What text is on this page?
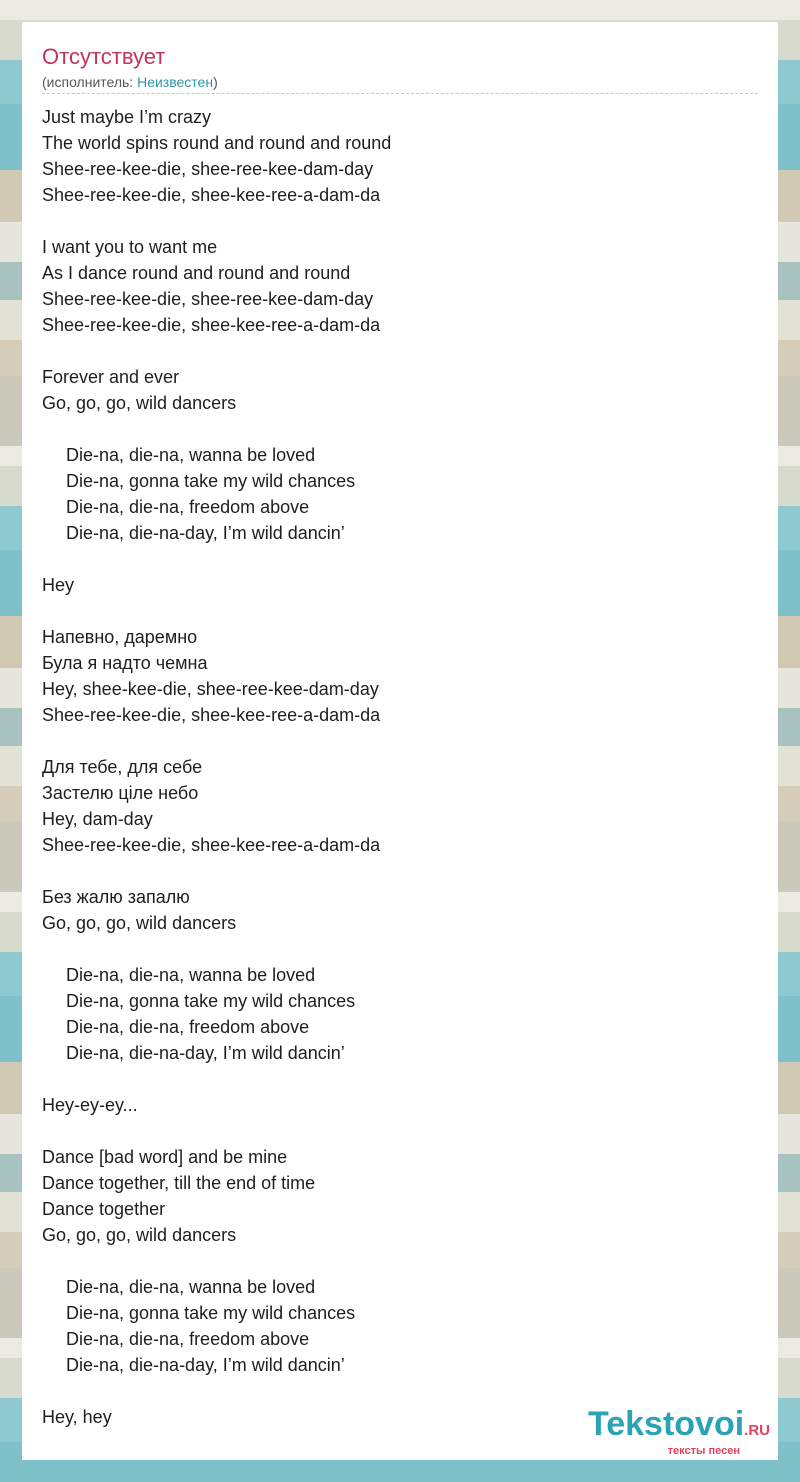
Отсутствует
(исполнитель: Неизвестен)
Just maybe I’m crazy
The world spins round and round and round
Shee-ree-kee-die, shee-ree-kee-dam-day
Shee-ree-kee-die, shee-kee-ree-a-dam-da
I want you to want me
As I dance round and round and round
Shee-ree-kee-die, shee-ree-kee-dam-day
Shee-ree-kee-die, shee-kee-ree-a-dam-da
Forever and ever
Go, go, go, wild dancers
Die-na, die-na, wanna be loved
Die-na, gonna take my wild chances
Die-na, die-na, freedom above
Die-na, die-na-day, I’m wild dancin’
Hey
Напевно, даремно
Була я надто чемна
Hey, shee-kee-die, shee-ree-kee-dam-day
Shee-ree-kee-die, shee-kee-ree-a-dam-da
Для тебе, для себе
Застелю ціле небо
Hey, dam-day
Shee-ree-kee-die, shee-kee-ree-a-dam-da
Без жалю запалю
Go, go, go, wild dancers
Die-na, die-na, wanna be loved
Die-na, gonna take my wild chances
Die-na, die-na, freedom above
Die-na, die-na-day, I’m wild dancin’
Hey-ey-ey...
Dance [bad word] and be mine
Dance together, till the end of time
Dance together
Go, go, go, wild dancers
Die-na, die-na, wanna be loved
Die-na, gonna take my wild chances
Die-na, die-na, freedom above
Die-na, die-na-day, I’m wild dancin’
Hey, hey	Tekstovoi.RU
тексты песен
